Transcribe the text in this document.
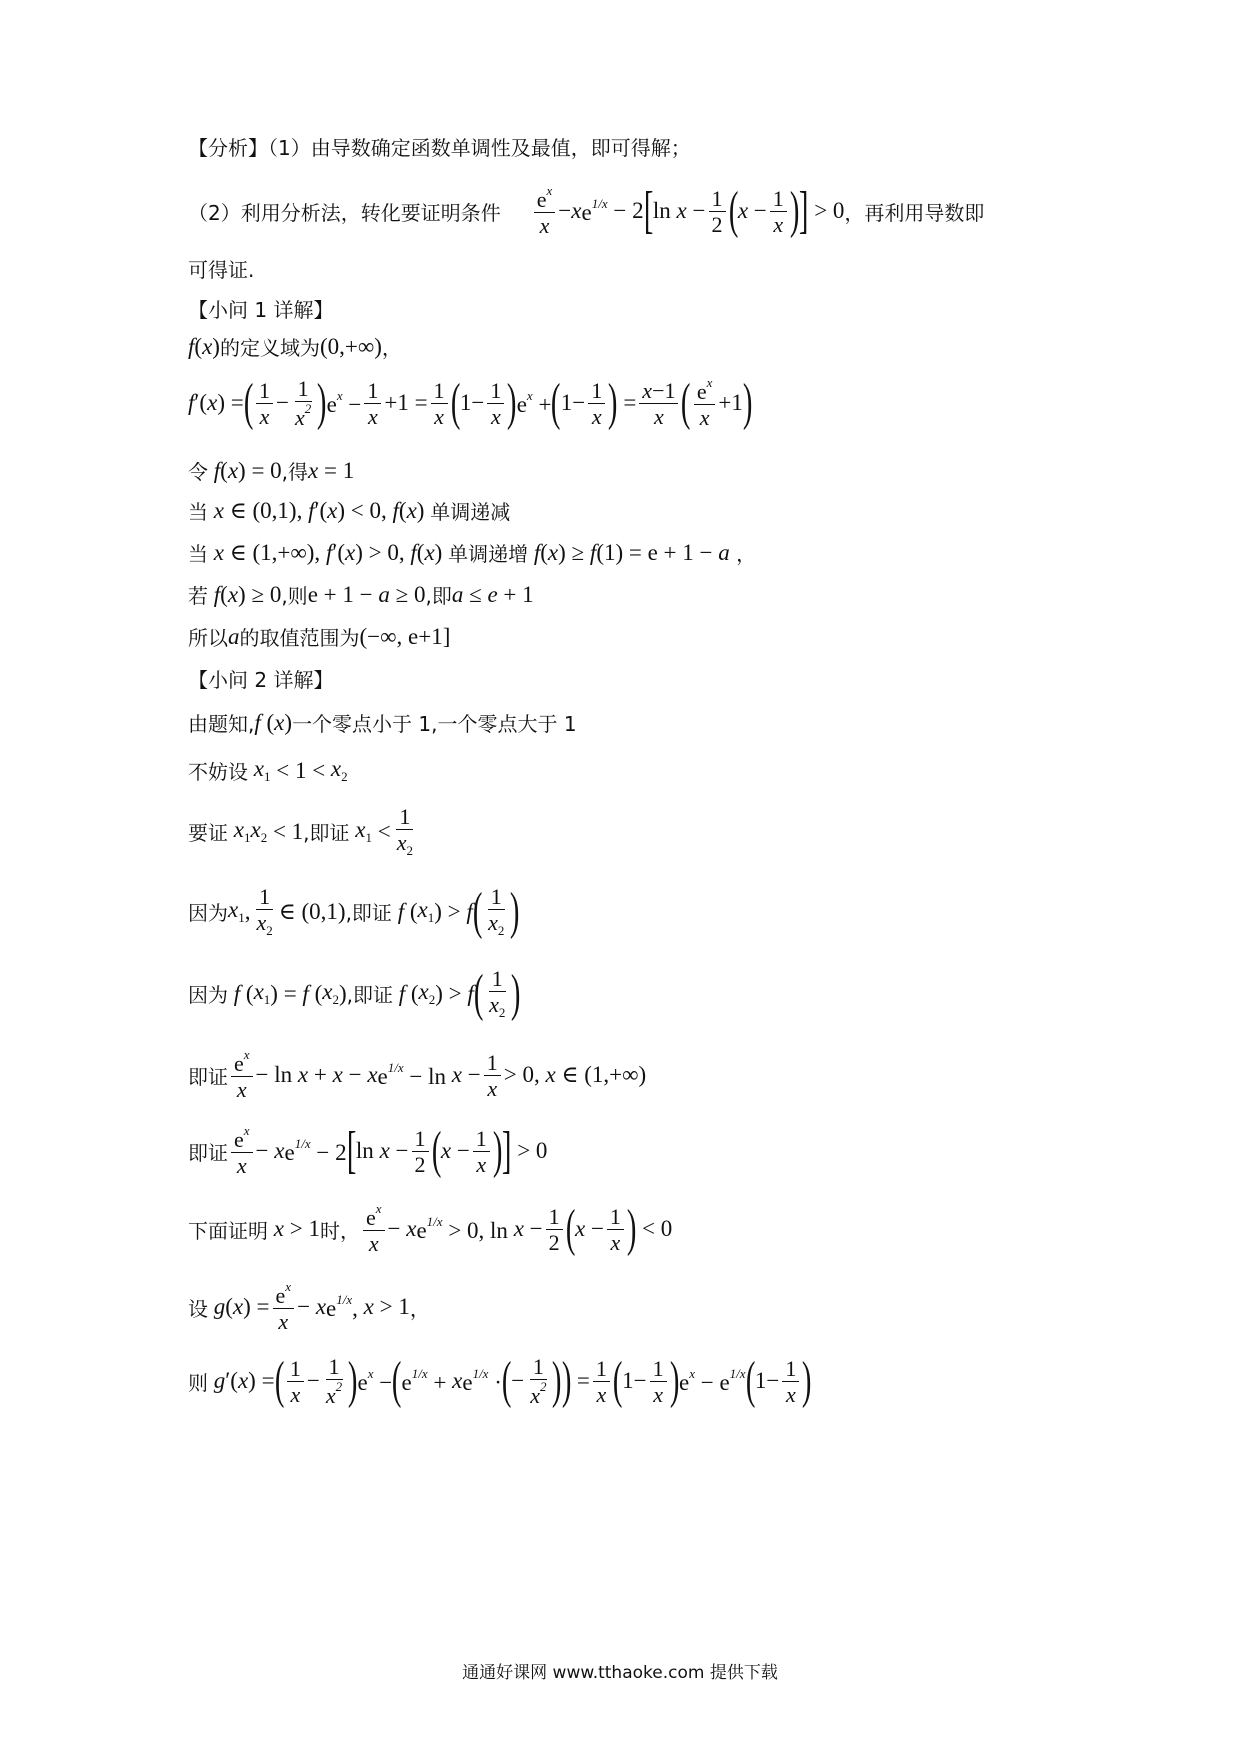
【分析】（1）由导数确定函数单调性及最值，即可得解；
（2）利用分析法，转化要证明条件 $\frac{e^x}{x} - x$ $e^{1/x} - 2$ [ $\ln x - \frac{1}{2}$ ( $x - \frac{1}{x}$ ) ] > 0 ，再利用导数即
可得证.
【小问 1 详解】
f ( x ) 的定义域为 (0,+∞) ，
f ′( x ) = ( $\frac{1}{x} - \frac{1}{x^2}$ ) $e^x - \frac{1}{x} +1 = \frac{1}{x}$ ( $1- \frac{1}{x}$ ) $e^x$ + ( $1- \frac{1}{x}$ ) = $\frac{x-1}{x}$ ( $\frac{e^x}{x} +1$ )
令 f ( x ) = 0 ,得 x = 1
当 x ∈ (0,1), f ′( x ) < 0, f ( x ) 单调递减
当 x ∈ (1,+∞), f ′( x ) > 0, f ( x ) 单调递增 f ( x ) ≥ f (1) = e + 1 − a ，
若 f ( x ) ≥ 0 ,则 e + 1 − a ≥ 0 ,即 a ≤ e + 1
所以 a 的取值范围为 (−∞, e+1]
【小问 2 详解】
由题知, f ( x ) 一个零点小于 1,一个零点大于 1
不妨设 $x_1 < 1 < x_2$
要证 $x_1x_2 < 1$ ,即证 $x_1 < \frac{1}{x_2}$
因为 $x_1$ , $\frac{1}{x_2}$ ∈ (0,1) ,即证 f ( $x_1$ ) > f ( $\frac{1}{x_2}$ )
因为 f ( $x_1$ ) = f ( $x_2$ ) ,即证 f ( $x_2$ ) > f ( $\frac{1}{x_2}$ )
即证 $\frac{e^x}{x} - \ln x + x - x$ $e^{1/x} - \ln x - \frac{1}{x} > 0$, x ∈ (1,+∞)
即证 $\frac{e^x}{x} - x$ $e^{1/x} - 2$ [ $\ln x - \frac{1}{2}$ ( $x - \frac{1}{x}$ ) ] > 0
下面证明 x > 1 时， $\frac{e^x}{x} - x$ $e^{1/x} > 0$, $\ln x - \frac{1}{2}$ ( $x - \frac{1}{x}$ ) < 0
设 g ( x ) = $\frac{e^x}{x} - x$ $e^{1/x}$, x > 1 ，
则 g ′( x ) = ( $\frac{1}{x} - \frac{1}{x^2}$ ) $e^x$ − ( $e^{1/x} + x$ $e^{1/x}$ · ( − $\frac{1}{x^2}$ ) ) = $\frac{1}{x}$ ( $1- \frac{1}{x}$ ) $e^x - e^{1/x}$ ( $1- \frac{1}{x}$ )
通通好课网 www.tthaoke.com 提供下载
